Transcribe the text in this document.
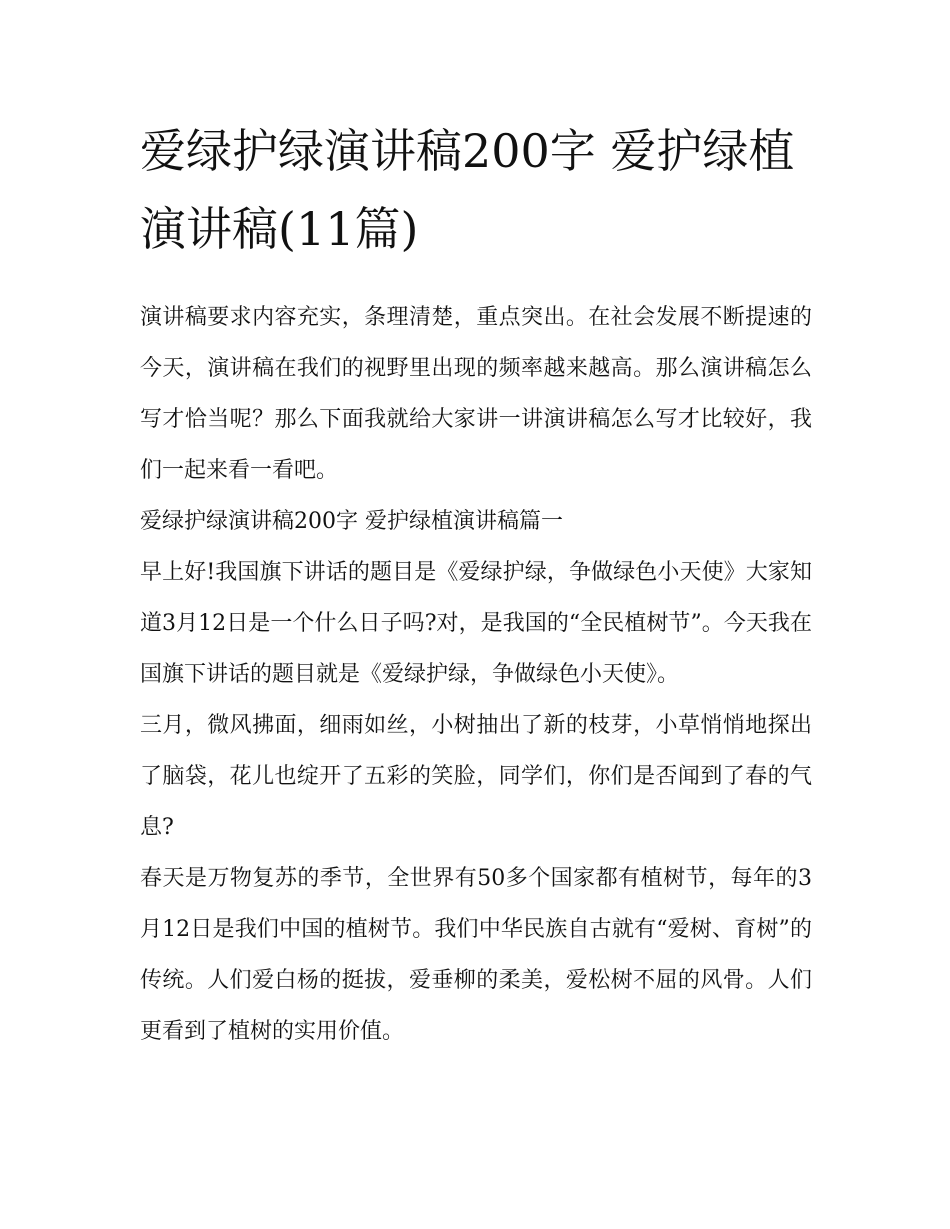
爱绿护绿演讲稿200字 爱护绿植演讲稿(11篇)

演讲稿要求内容充实，条理清楚，重点突出。在社会发展不断提速的今天，演讲稿在我们的视野里出现的频率越来越高。那么演讲稿怎么写才恰当呢？那么下面我就给大家讲一讲演讲稿怎么写才比较好，我们一起来看一看吧。

爱绿护绿演讲稿200字 爱护绿植演讲稿篇一

早上好!我国旗下讲话的题目是《爱绿护绿，争做绿色小天使》大家知道3月12日是一个什么日子吗?对，是我国的“全民植树节”。今天我在国旗下讲话的题目就是《爱绿护绿，争做绿色小天使》。

三月，微风拂面，细雨如丝，小树抽出了新的枝芽，小草悄悄地探出了脑袋，花儿也绽开了五彩的笑脸，同学们，你们是否闻到了春的气息?

春天是万物复苏的季节，全世界有50多个国家都有植树节，每年的3月12日是我们中国的植树节。我们中华民族自古就有“爱树、育树”的传统。人们爱白杨的挺拔，爱垂柳的柔美，爱松树不屈的风骨。人们更看到了植树的实用价值。
